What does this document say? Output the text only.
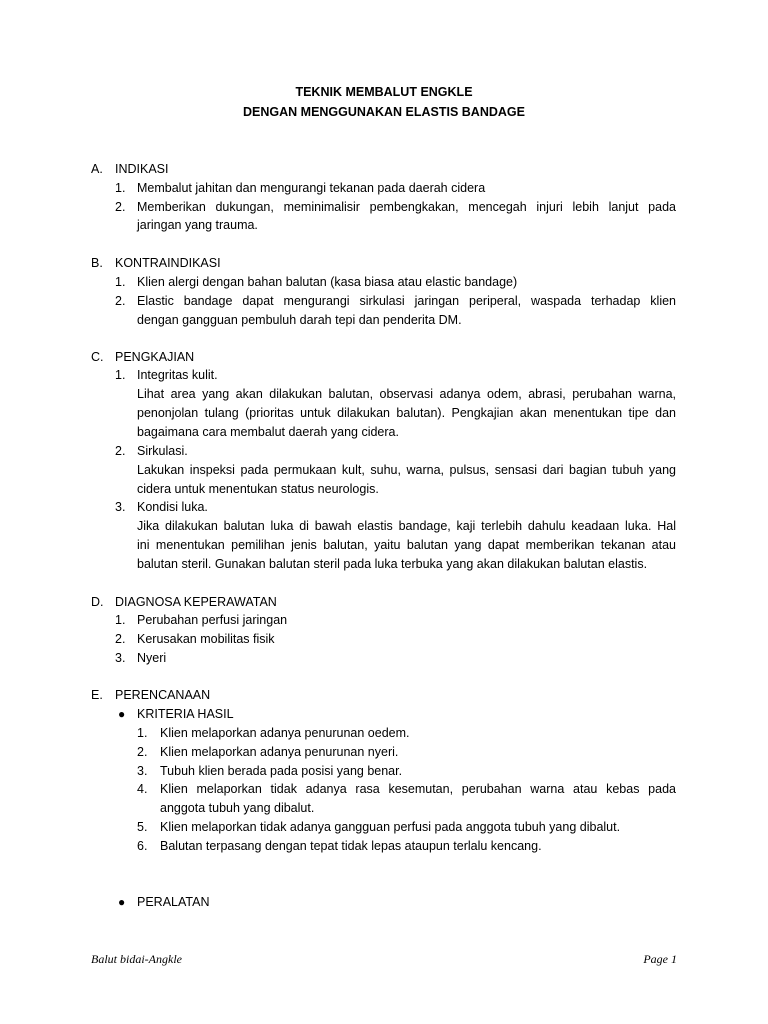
TEKNIK MEMBALUT ENGKLE
DENGAN MENGGUNAKAN ELASTIS BANDAGE
A. INDIKASI
1. Membalut jahitan dan mengurangi tekanan pada daerah cidera
2. Memberikan dukungan, meminimalisir pembengkakan, mencegah injuri lebih lanjut pada
jaringan yang trauma.
B. KONTRAINDIKASI
1. Klien alergi dengan bahan balutan (kasa biasa atau elastic bandage)
2. Elastic bandage dapat mengurangi sirkulasi jaringan periperal, waspada terhadap klien
dengan gangguan pembuluh darah tepi dan penderita DM.
C. PENGKAJIAN
1. Integritas kulit.
Lihat area yang akan dilakukan balutan, observasi adanya odem, abrasi, perubahan warna,
penonjolan tulang (prioritas untuk dilakukan balutan). Pengkajian akan menentukan tipe dan
bagaimana cara membalut daerah yang cidera.
2. Sirkulasi.
Lakukan inspeksi pada permukaan kult, suhu, warna, pulsus, sensasi dari bagian tubuh yang
cidera untuk menentukan status neurologis.
3. Kondisi luka.
Jika dilakukan balutan luka di bawah elastis bandage, kaji terlebih dahulu keadaan luka. Hal
ini menentukan pemilihan jenis balutan, yaitu balutan yang dapat memberikan tekanan atau
balutan steril. Gunakan balutan steril pada luka terbuka yang akan dilakukan balutan elastis.
D. DIAGNOSA KEPERAWATAN
1. Perubahan perfusi jaringan
2. Kerusakan mobilitas fisik
3. Nyeri
E. PERENCANAAN
● KRITERIA HASIL
1. Klien melaporkan adanya penurunan oedem.
2. Klien melaporkan adanya penurunan nyeri.
3. Tubuh klien berada pada posisi yang benar.
4. Klien melaporkan tidak adanya rasa kesemutan, perubahan warna atau kebas pada
anggota tubuh yang dibalut.
5. Klien melaporkan tidak adanya gangguan perfusi pada anggota tubuh yang dibalut.
6. Balutan terpasang dengan tepat tidak lepas ataupun terlalu kencang.
● PERALATAN
Balut bidai-Angkle	Page 1
